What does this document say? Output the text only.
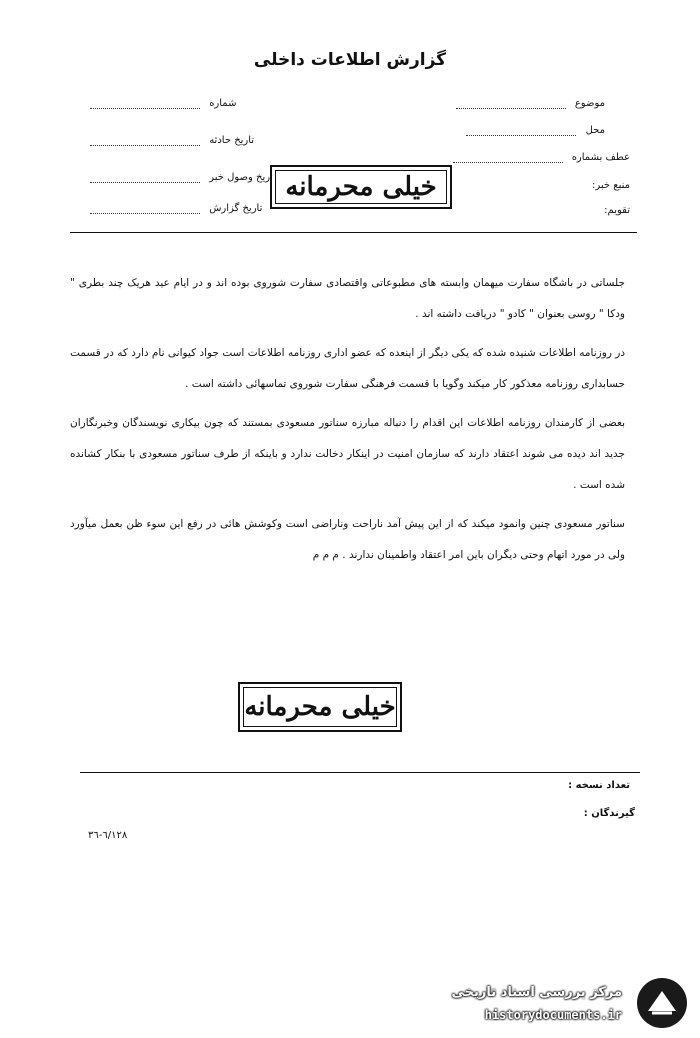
گزارش اطلاعات داخلی
موضوع
محل
عطف بشماره
منبع خبر:
تقویم:
شماره
تاریخ حادثه
تاریخ وصول خبر
تاریخ گزارش
خیلی محرمانه

جلساتی در باشگاه سفارت میهمان وابسته های مطبوعاتی واقتصادی سفارت شوروی بوده اند و در ایام عید هریک چند بطری " ودکا " روسی بعنوان " کادو " دریافت داشته اند .

در روزنامه اطلاعات شنیده شده که یکی دیگر از اینعده که عضو اداری روزنامه اطلاعات است جواد کیوانی نام دارد که در قسمت حسابداری روزنامه معذکور کار میکند وگویا با قسمت فرهنگی سفارت شوروی تماسهائی داشته است .

بعضی از کارمندان روزنامه اطلاعات این اقدام را دنباله مبارزه سناتور مسعودی بمستند که چون بیکاری نویسندگان وخبرنگاران جدید اند دیده می شوند اعتقاد دارند که سازمان امنیت در اینکار دخالت ندارد و باینکه از طرف سناتور مسعودی با بنکار کشانده شده است .

سناتور مسعودی چنین وانمود میکند که از این پیش آمد ناراحت وناراضی است وکوشش هائی در رفع این سوء ظن بعمل میآورد ولی در مورد اتهام وحتی دیگران باین امر اعتقاد واطمینان ندارند . م م م

خیلی محرمانه
تعداد نسخه :
گیرندگان :
٦/١٢٨-٣٦
مرکز بررسی اسناد تاریخی
historydocuments.ir
